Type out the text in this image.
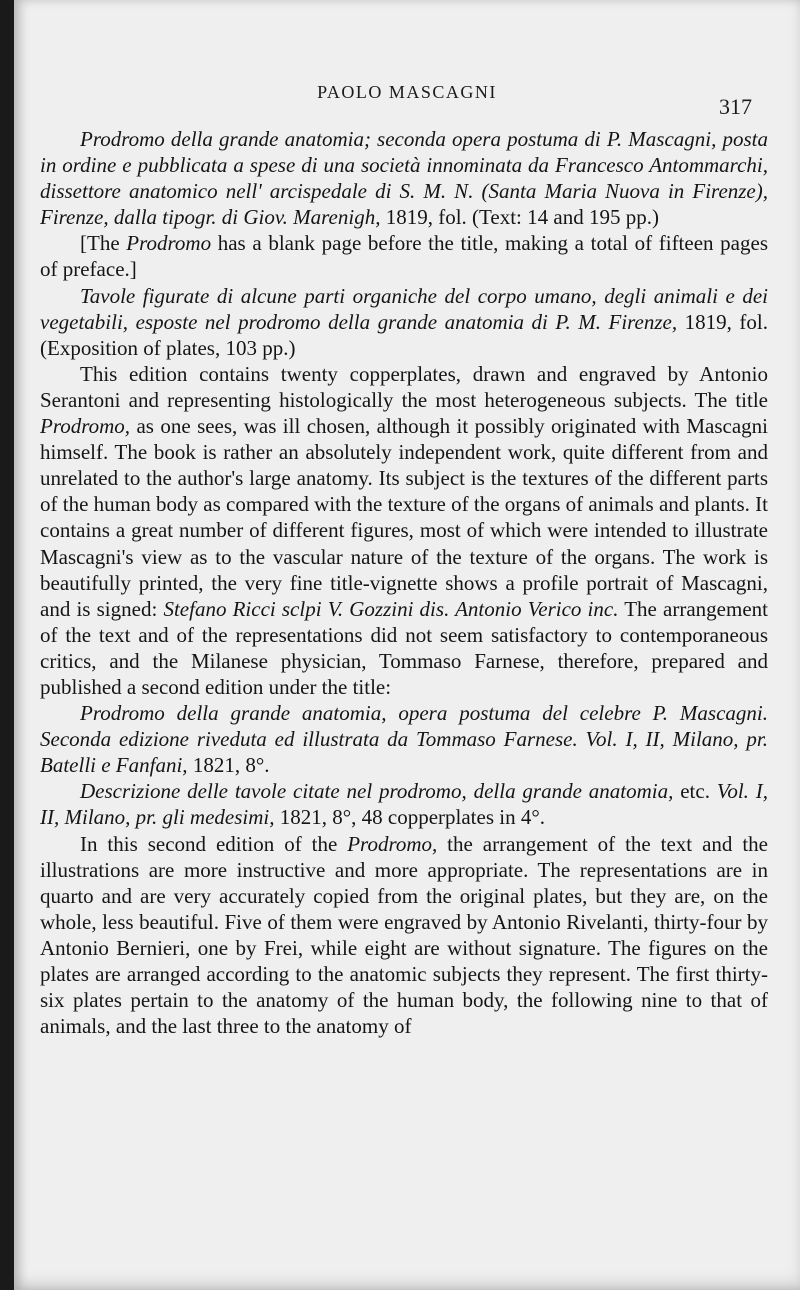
PAOLO MASCAGNI
317

Prodromo della grande anatomia; seconda opera postuma di P. Mascagni, posta in ordine e pubblicata a spese di una società innominata da Francesco Antommarchi, dissettore anatomico nell' arcispedale di S. M. N. (Santa Maria Nuova in Firenze), Firenze, dalla tipogr. di Giov. Marenigh, 1819, fol. (Text: 14 and 195 pp.)

[The Prodromo has a blank page before the title, making a total of fifteen pages of preface.]

Tavole figurate di alcune parti organiche del corpo umano, degli animali e dei vegetabili, esposte nel prodromo della grande anatomia di P. M. Firenze, 1819, fol. (Exposition of plates, 103 pp.)

This edition contains twenty copperplates, drawn and engraved by Antonio Serantoni and representing histologically the most heterogeneous subjects. The title Prodromo, as one sees, was ill chosen, although it possibly originated with Mascagni himself. The book is rather an absolutely independent work, quite different from and unrelated to the author's large anatomy. Its subject is the textures of the different parts of the human body as compared with the texture of the organs of animals and plants. It contains a great number of different figures, most of which were intended to illustrate Mascagni's view as to the vascular nature of the texture of the organs. The work is beautifully printed, the very fine title-vignette shows a profile portrait of Mascagni, and is signed: Stefano Ricci sclpi V. Gozzini dis. Antonio Verico inc. The arrangement of the text and of the representations did not seem satisfactory to contemporaneous critics, and the Milanese physician, Tommaso Farnese, therefore, prepared and published a second edition under the title:

Prodromo della grande anatomia, opera postuma del celebre P. Mascagni. Seconda edizione riveduta ed illustrata da Tommaso Farnese. Vol. I, II, Milano, pr. Batelli e Fanfani, 1821, 8°.

Descrizione delle tavole citate nel prodromo, della grande anatomia, etc. Vol. I, II, Milano, pr. gli medesimi, 1821, 8°, 48 copperplates in 4°.

In this second edition of the Prodromo, the arrangement of the text and the illustrations are more instructive and more appropriate. The representations are in quarto and are very accurately copied from the original plates, but they are, on the whole, less beautiful. Five of them were engraved by Antonio Rivelanti, thirty-four by Antonio Bernieri, one by Frei, while eight are without signature. The figures on the plates are arranged according to the anatomic subjects they represent. The first thirty-six plates pertain to the anatomy of the human body, the following nine to that of animals, and the last three to the anatomy of
